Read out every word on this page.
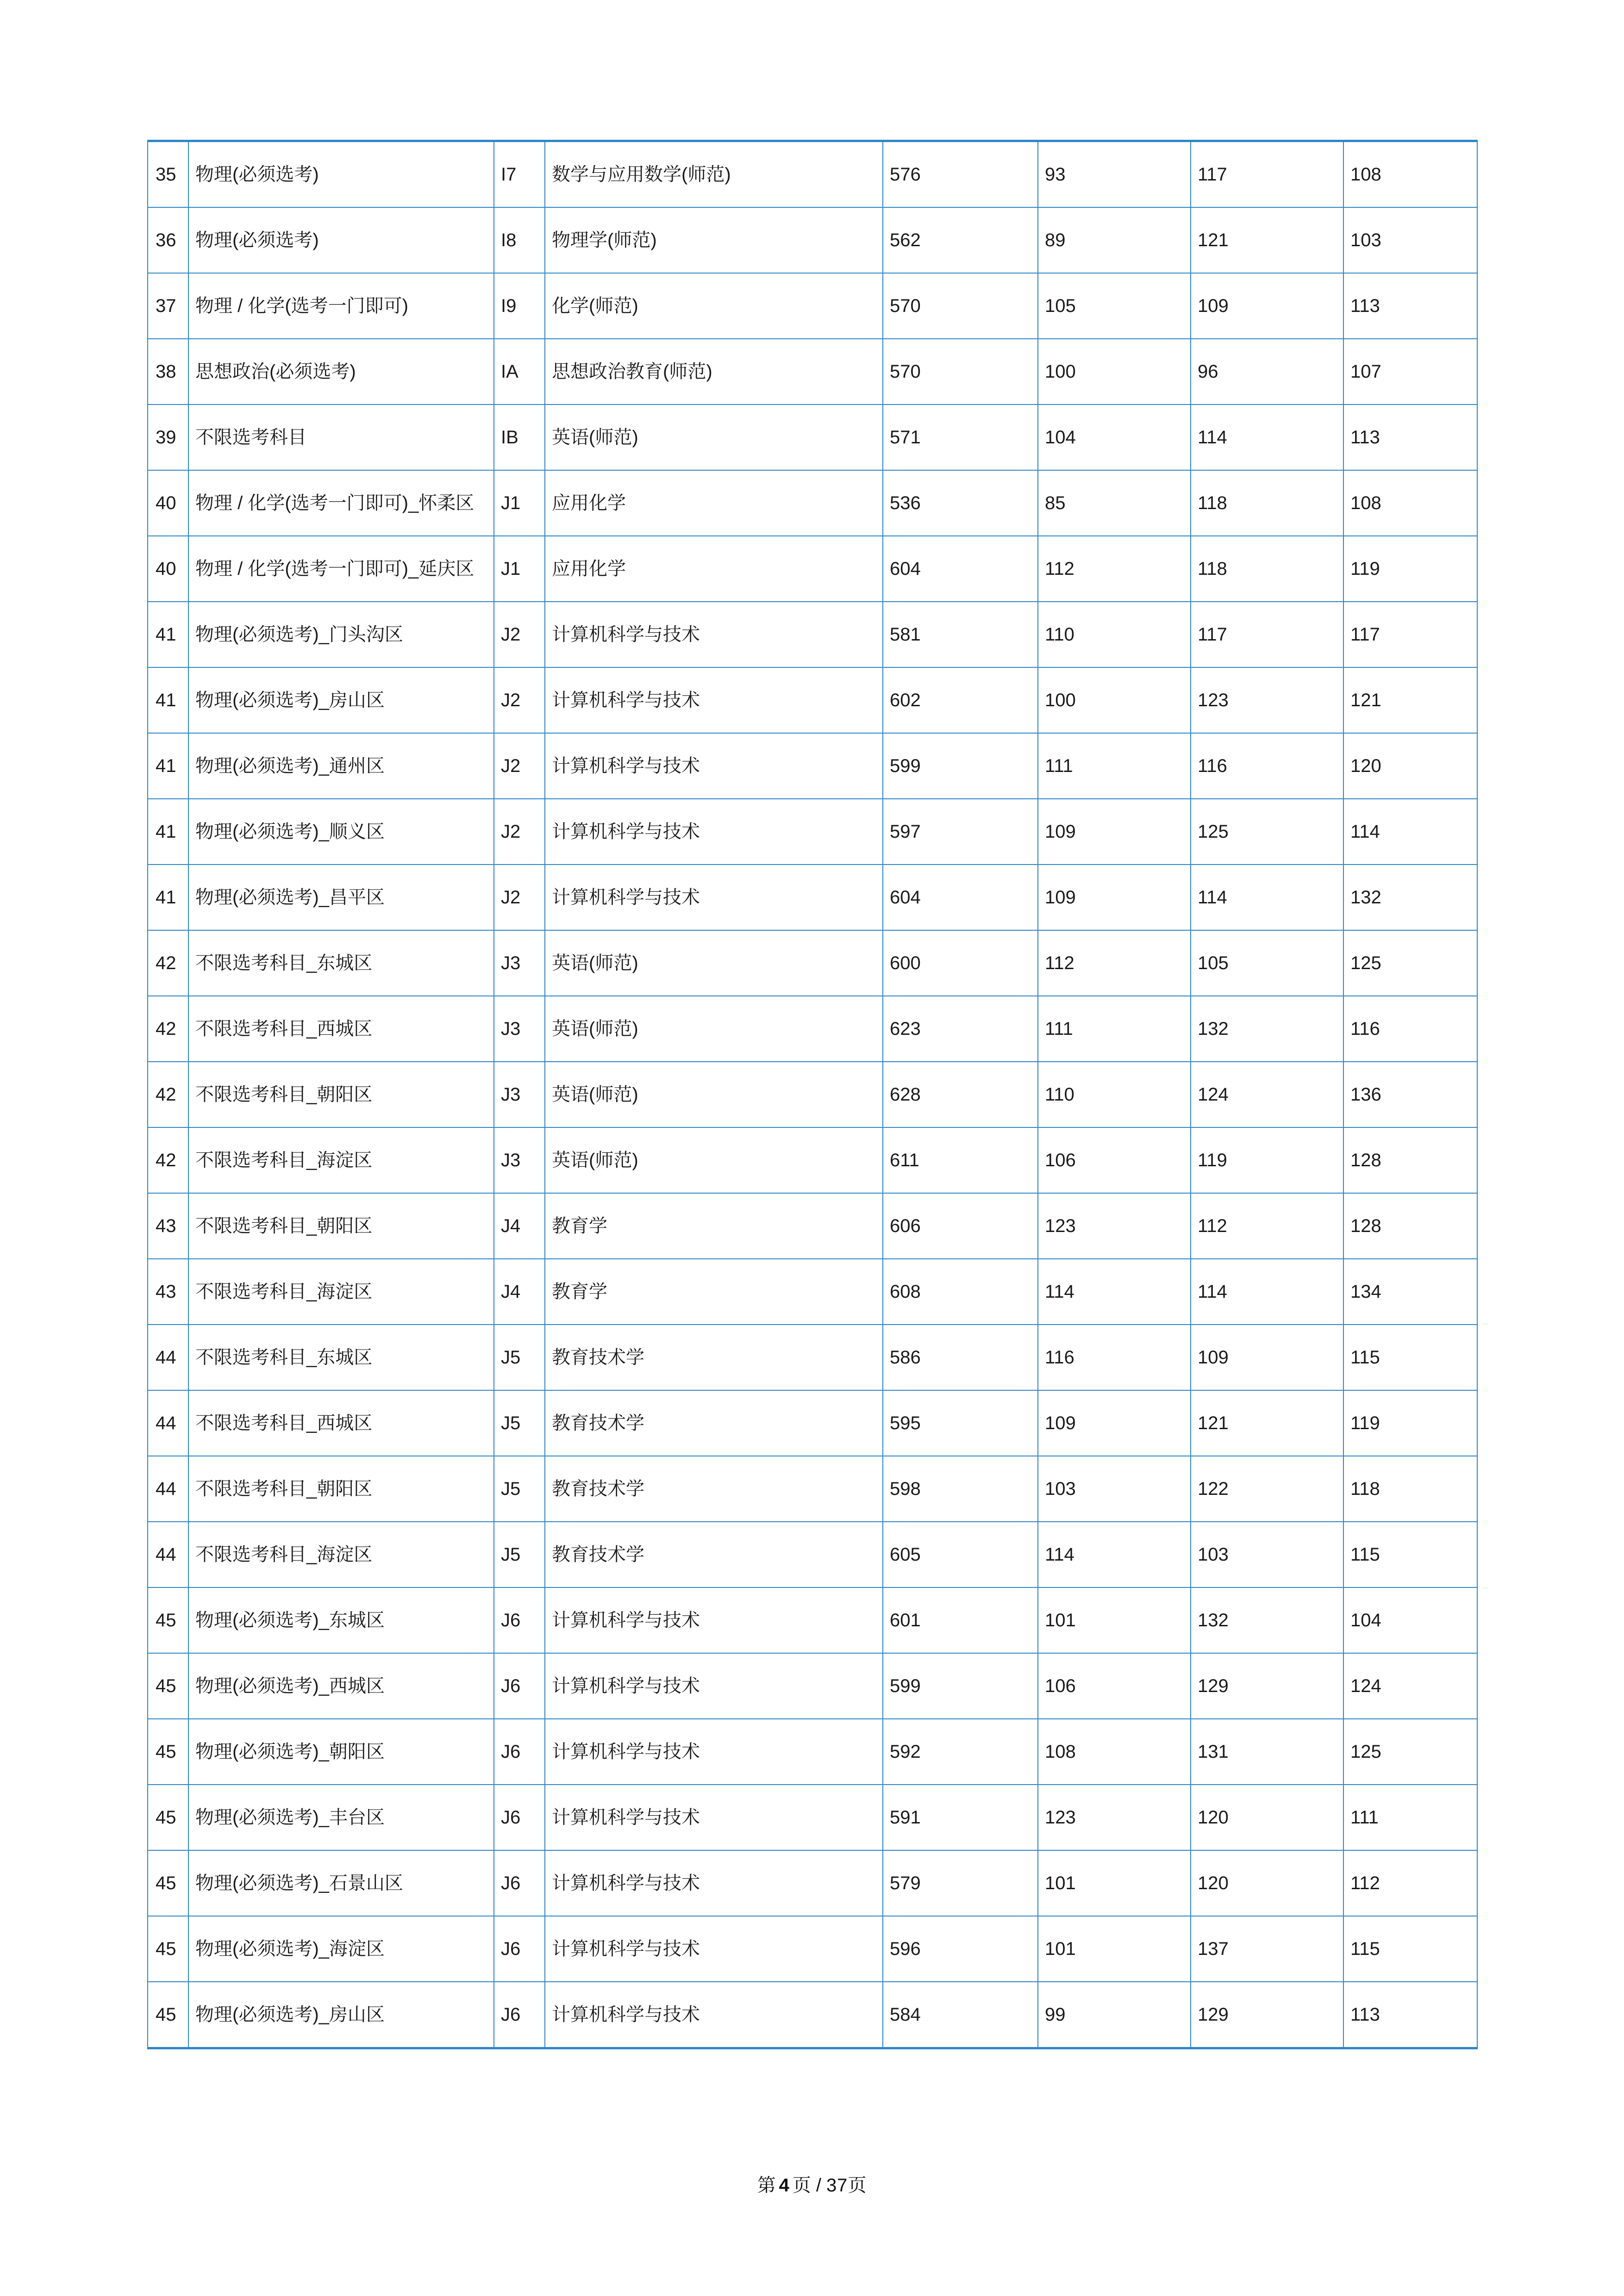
35	物理(必须选考)	I7	数学与应用数学(师范)	576	93	117	108
36	物理(必须选考)	I8	物理学(师范)	562	89	121	103
37	物理 / 化学(选考一门即可)	I9	化学(师范)	570	105	109	113
38	思想政治(必须选考)	IA	思想政治教育(师范)	570	100	96	107
39	不限选考科目	IB	英语(师范)	571	104	114	113
40	物理 / 化学(选考一门即可)_怀柔区	J1	应用化学	536	85	118	108
40	物理 / 化学(选考一门即可)_延庆区	J1	应用化学	604	112	118	119
41	物理(必须选考)_门头沟区	J2	计算机科学与技术	581	110	117	117
41	物理(必须选考)_房山区	J2	计算机科学与技术	602	100	123	121
41	物理(必须选考)_通州区	J2	计算机科学与技术	599	111	116	120
41	物理(必须选考)_顺义区	J2	计算机科学与技术	597	109	125	114
41	物理(必须选考)_昌平区	J2	计算机科学与技术	604	109	114	132
42	不限选考科目_东城区	J3	英语(师范)	600	112	105	125
42	不限选考科目_西城区	J3	英语(师范)	623	111	132	116
42	不限选考科目_朝阳区	J3	英语(师范)	628	110	124	136
42	不限选考科目_海淀区	J3	英语(师范)	611	106	119	128
43	不限选考科目_朝阳区	J4	教育学	606	123	112	128
43	不限选考科目_海淀区	J4	教育学	608	114	114	134
44	不限选考科目_东城区	J5	教育技术学	586	116	109	115
44	不限选考科目_西城区	J5	教育技术学	595	109	121	119
44	不限选考科目_朝阳区	J5	教育技术学	598	103	122	118
44	不限选考科目_海淀区	J5	教育技术学	605	114	103	115
45	物理(必须选考)_东城区	J6	计算机科学与技术	601	101	132	104
45	物理(必须选考)_西城区	J6	计算机科学与技术	599	106	129	124
45	物理(必须选考)_朝阳区	J6	计算机科学与技术	592	108	131	125
45	物理(必须选考)_丰台区	J6	计算机科学与技术	591	123	120	111
45	物理(必须选考)_石景山区	J6	计算机科学与技术	579	101	120	112
45	物理(必须选考)_海淀区	J6	计算机科学与技术	596	101	137	115
45	物理(必须选考)_房山区	J6	计算机科学与技术	584	99	129	113
第 4 页 / 37页
